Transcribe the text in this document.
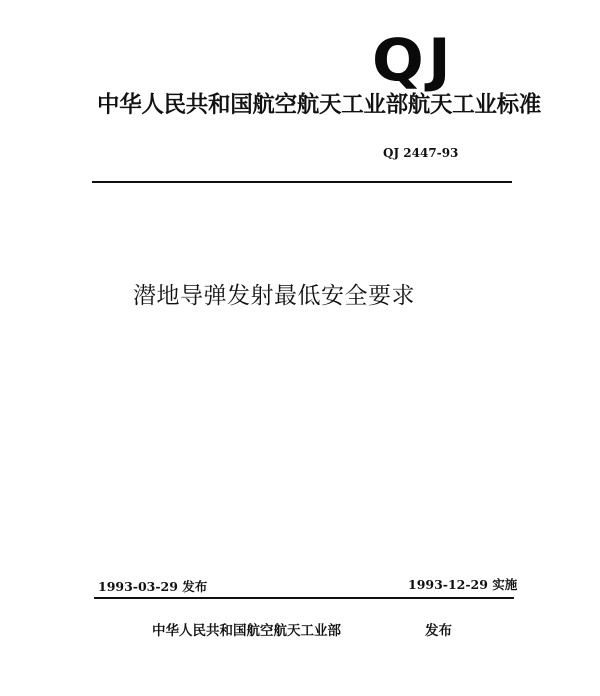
QJ
中华人民共和国航空航天工业部航天工业标准
QJ 2447-93
潜地导弹发射最低安全要求
1993-03-29 发布	1993-12-29 实施
中华人民共和国航空航天工业部	发布
